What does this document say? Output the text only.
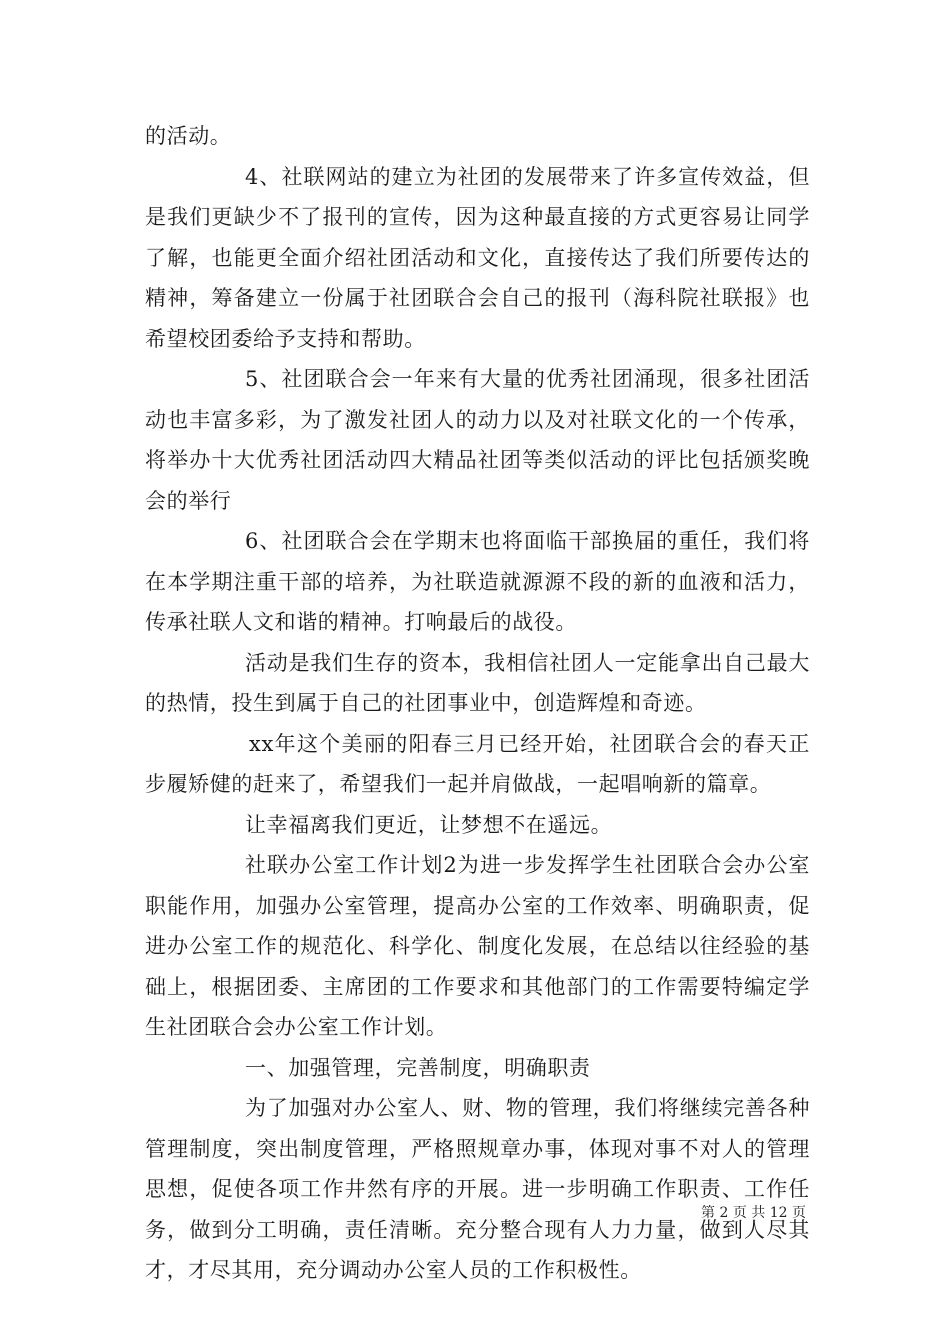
的活动。

4、社联网站的建立为社团的发展带来了许多宣传效益，但是我们更缺少不了报刊的宣传，因为这种最直接的方式更容易让同学了解，也能更全面介绍社团活动和文化，直接传达了我们所要传达的精神，筹备建立一份属于社团联合会自己的报刊（海科院社联报》也希望校团委给予支持和帮助。

5、社团联合会一年来有大量的优秀社团涌现，很多社团活动也丰富多彩，为了激发社团人的动力以及对社联文化的一个传承，将举办十大优秀社团活动四大精品社团等类似活动的评比包括颁奖晚会的举行

6、社团联合会在学期末也将面临干部换届的重任，我们将在本学期注重干部的培养，为社联造就源源不段的新的血液和活力，传承社联人文和谐的精神。打响最后的战役。

活动是我们生存的资本，我相信社团人一定能拿出自己最大的热情，投生到属于自己的社团事业中，创造辉煌和奇迹。

xx年这个美丽的阳春三月已经开始，社团联合会的春天正步履矫健的赶来了，希望我们一起并肩做战，一起唱响新的篇章。

让幸福离我们更近，让梦想不在遥远。

社联办公室工作计划2为进一步发挥学生社团联合会办公室职能作用，加强办公室管理，提高办公室的工作效率、明确职责，促进办公室工作的规范化、科学化、制度化发展，在总结以往经验的基础上，根据团委、主席团的工作要求和其他部门的工作需要特编定学生社团联合会办公室工作计划。

一、加强管理，完善制度，明确职责

为了加强对办公室人、财、物的管理，我们将继续完善各种管理制度，突出制度管理，严格照规章办事，体现对事不对人的管理思想，促使各项工作井然有序的开展。进一步明确工作职责、工作任务，做到分工明确，责任清晰。充分整合现有人力力量，做到人尽其才，才尽其用，充分调动办公室人员的工作积极性。

第 2 页 共 12 页
